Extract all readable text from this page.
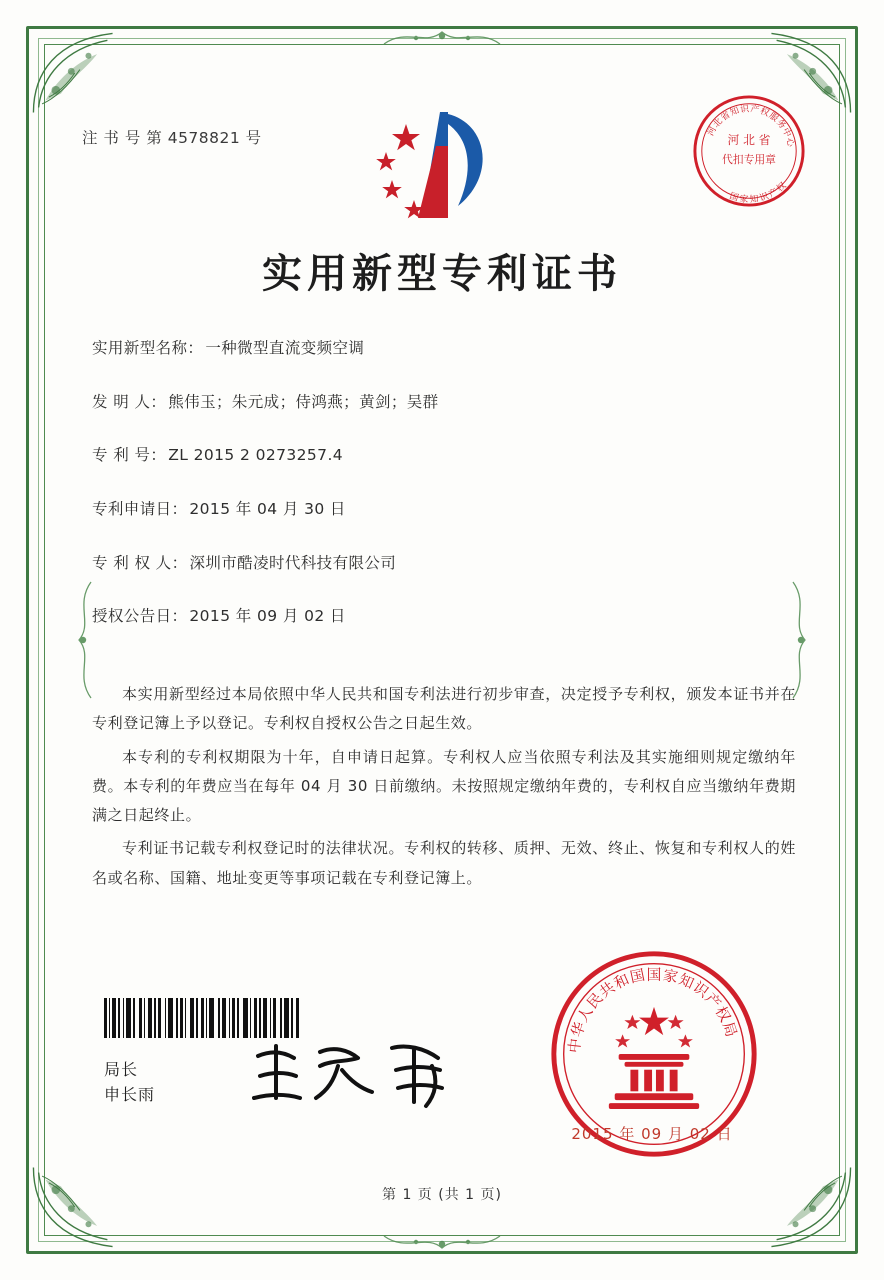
注 书 号 第 4578821 号	河
北
省
知 识 产
权
服
务
中
心
河 北 省
代扣专用章
国 家 知 识
产
权
实用新型专利证书
实用新型名称： 一种微型直流变频空调
发 明 人： 熊伟玉；朱元成；侍鸿燕；黄剑；吴群
专 利 号： ZL 2015 2 0273257.4
专利申请日： 2015 年 04 月 30 日
专 利 权 人： 深圳市酷凌时代科技有限公司
授权公告日： 2015 年 09 月 02 日

本实用新型经过本局依照中华人民共和国专利法进行初步审查，决定授予专利权，颁发本证书并在专利登记簿上予以登记。专利权自授权公告之日起生效。

本专利的专利权期限为十年，自申请日起算。专利权人应当依照专利法及其实施细则规定缴纳年费。本专利的年费应当在每年 04 月 30 日前缴纳。未按照规定缴纳年费的，专利权自应当缴纳年费期满之日起终止。

专利证书记载专利权登记时的法律状况。专利权的转移、质押、无效、终止、恢复和专利权人的姓名或名称、国籍、地址变更等事项记载在专利登记簿上。

局长
申长雨
中
华
人
民
共
和
国 国 家
知
识
产
权
局
2015 年 09 月 02 日
第 1 页 (共 1 页)
